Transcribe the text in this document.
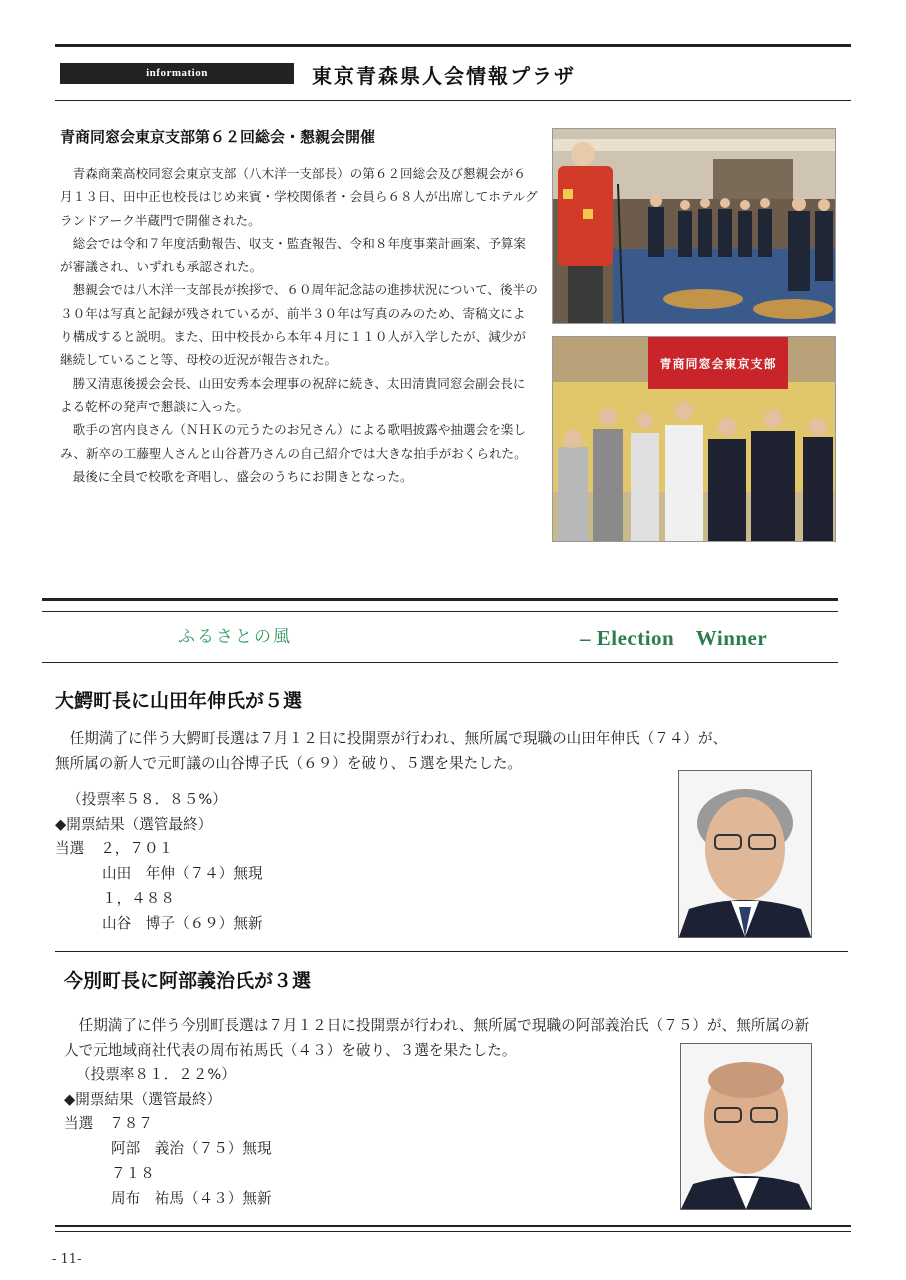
information	東京青森県人会情報プラザ
青商同窓会東京支部第６２回総会・懇親会開催

青森商業高校同窓会東京支部（八木洋一支部長）の第６２回総会及び懇親会が６月１３日、田中正也校長はじめ来賓・学校関係者・会員ら６８人が出席してホテルグランドアーク半蔵門で開催された。

総会では令和７年度活動報告、収支・監査報告、令和８年度事業計画案、予算案が審議され、いずれも承認された。

懇親会では八木洋一支部長が挨拶で、６０周年記念誌の進捗状況について、後半の３０年は写真と記録が残されているが、前半３０年は写真のみのため、寄稿文により構成すると説明。また、田中校長から本年４月に１１０人が入学したが、減少が継続していること等、母校の近況が報告された。

勝又清恵後援会会長、山田安秀本会理事の祝辞に続き、太田清貴同窓会副会長による乾杯の発声で懇談に入った。

歌手の宮内良さん（ＮＨＫの元うたのお兄さん）による歌唱披露や抽選会を楽しみ、新卒の工藤聖人さんと山谷蒼乃さんの自己紹介では大きな拍手がおくられた。

最後に全員で校歌を斉唱し、盛会のうちにお開きとなった。

青商同窓会東京支部
ふるさとの風	– Election　Winner
大鰐町長に山田年伸氏が５選

任期満了に伴う大鰐町長選は７月１２日に投開票が行われ、無所属で現職の山田年伸氏（７４）が、

無所属の新人で元町議の山谷博子氏（６９）を破り、５選を果たした。

（投票率５８．８５%）

◆開票結果（選管最終）

当選 ２，７０１

山田　年伸（７４）無現

１，４８８

山谷　博子（６９）無新

今別町長に阿部義治氏が３選

任期満了に伴う今別町長選は７月１２日に投開票が行われ、無所属で現職の阿部義治氏（７５）が、無所属の新

人で元地域商社代表の周布祐馬氏（４３）を破り、３選を果たした。

（投票率８１．２２%）

◆開票結果（選管最終）

当選 ７８７

阿部　義治（７５）無現

７１８

周布　祐馬（４３）無新

- 11-
